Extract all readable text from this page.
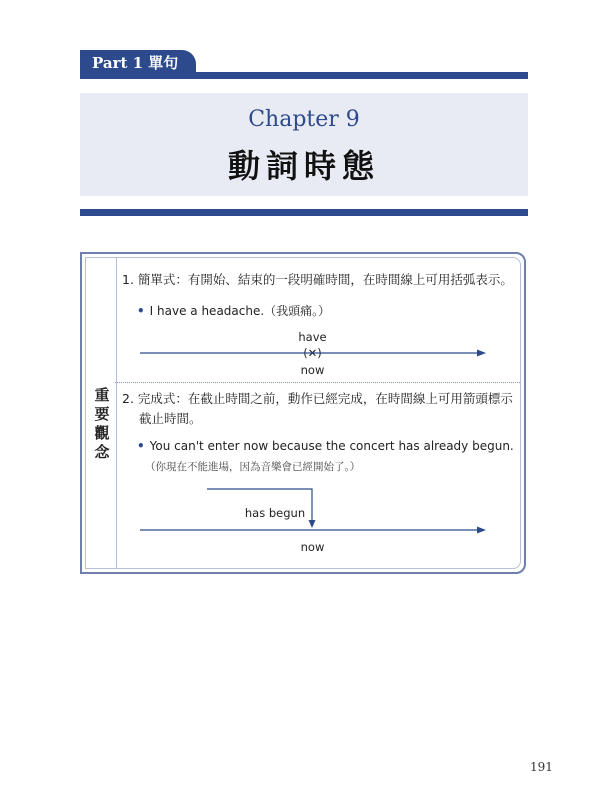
Part 1 單句
Chapter 9
動詞時態
重
要
觀
念
1. 簡單式：有開始、結束的一段明確時間，在時間線上可用括弧表示。
• I have a headache.（我頭痛。）
have
(✕)
now
2. 完成式：在截止時間之前，動作已經完成，在時間線上可用箭頭標示
截止時間。
• You can't enter now because the concert has already begun.
（你現在不能進場，因為音樂會已經開始了。）
has begun
now
191
